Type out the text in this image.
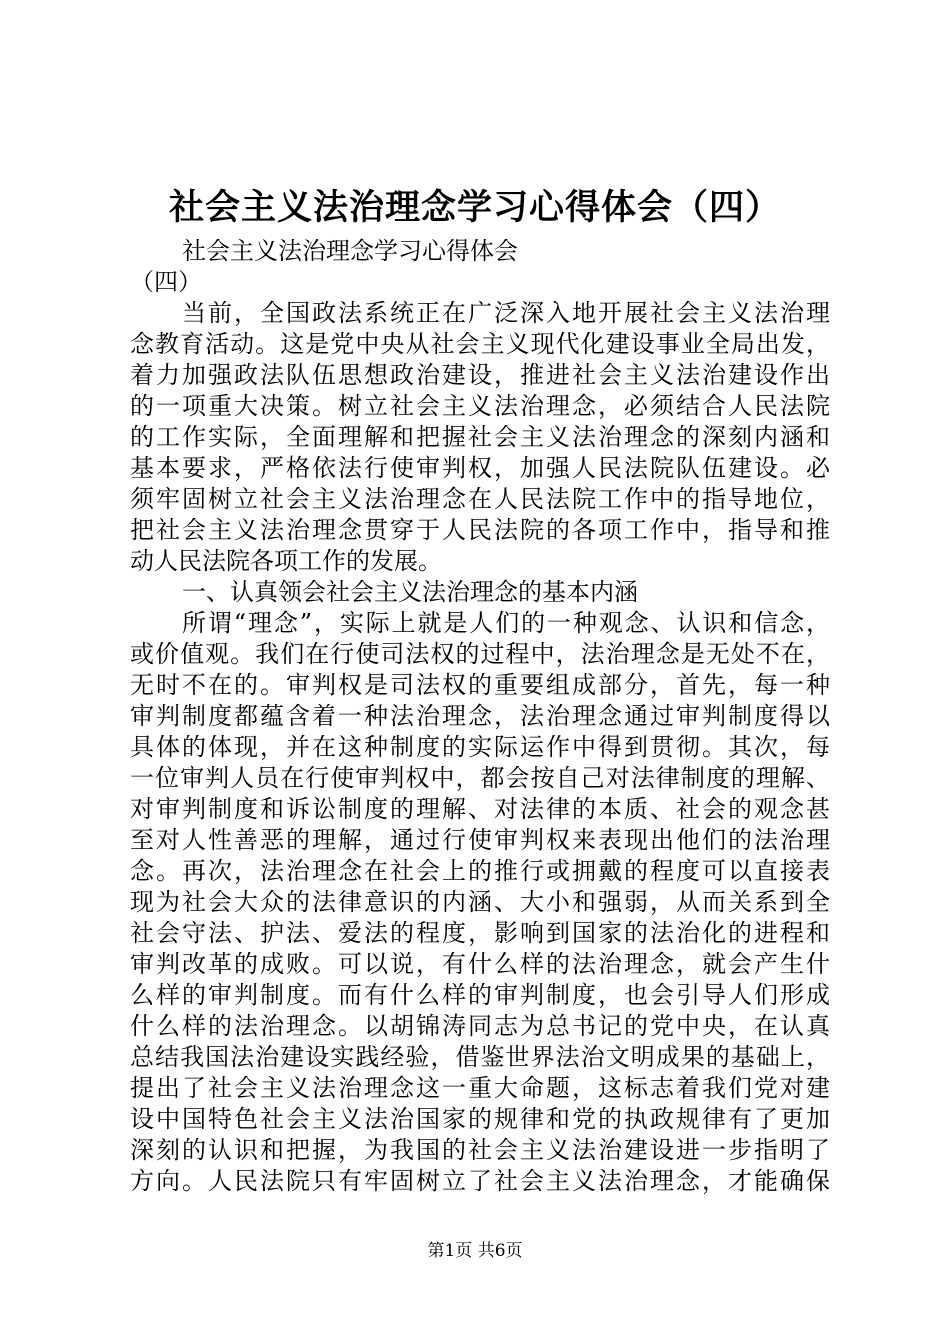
社会主义法治理念学习心得体会（四）

社会主义法治理念学习心得体会

（四）

当前，全国政法系统正在广泛深入地开展社会主义法治理

念教育活动。这是党中央从社会主义现代化建设事业全局出发，

着力加强政法队伍思想政治建设，推进社会主义法治建设作出

的一项重大决策。树立社会主义法治理念，必须结合人民法院

的工作实际，全面理解和把握社会主义法治理念的深刻内涵和

基本要求，严格依法行使审判权，加强人民法院队伍建设。必

须牢固树立社会主义法治理念在人民法院工作中的指导地位，

把社会主义法治理念贯穿于人民法院的各项工作中，指导和推

动人民法院各项工作的发展。

一、认真领会社会主义法治理念的基本内涵

所谓“理念”，实际上就是人们的一种观念、认识和信念，

或价值观。我们在行使司法权的过程中，法治理念是无处不在，

无时不在的。审判权是司法权的重要组成部分，首先，每一种

审判制度都蕴含着一种法治理念，法治理念通过审判制度得以

具体的体现，并在这种制度的实际运作中得到贯彻。其次，每

一位审判人员在行使审判权中，都会按自己对法律制度的理解、

对审判制度和诉讼制度的理解、对法律的本质、社会的观念甚

至对人性善恶的理解，通过行使审判权来表现出他们的法治理

念。再次，法治理念在社会上的推行或拥戴的程度可以直接表

现为社会大众的法律意识的内涵、大小和强弱，从而关系到全

社会守法、护法、爱法的程度，影响到国家的法治化的进程和

审判改革的成败。可以说，有什么样的法治理念，就会产生什

么样的审判制度。而有什么样的审判制度，也会引导人们形成

什么样的法治理念。以胡锦涛同志为总书记的党中央，在认真

总结我国法治建设实践经验，借鉴世界法治文明成果的基础上，

提出了社会主义法治理念这一重大命题，这标志着我们党对建

设中国特色社会主义法治国家的规律和党的执政规律有了更加

深刻的认识和把握，为我国的社会主义法治建设进一步指明了

方向。人民法院只有牢固树立了社会主义法治理念，才能确保

第1页 共6页
